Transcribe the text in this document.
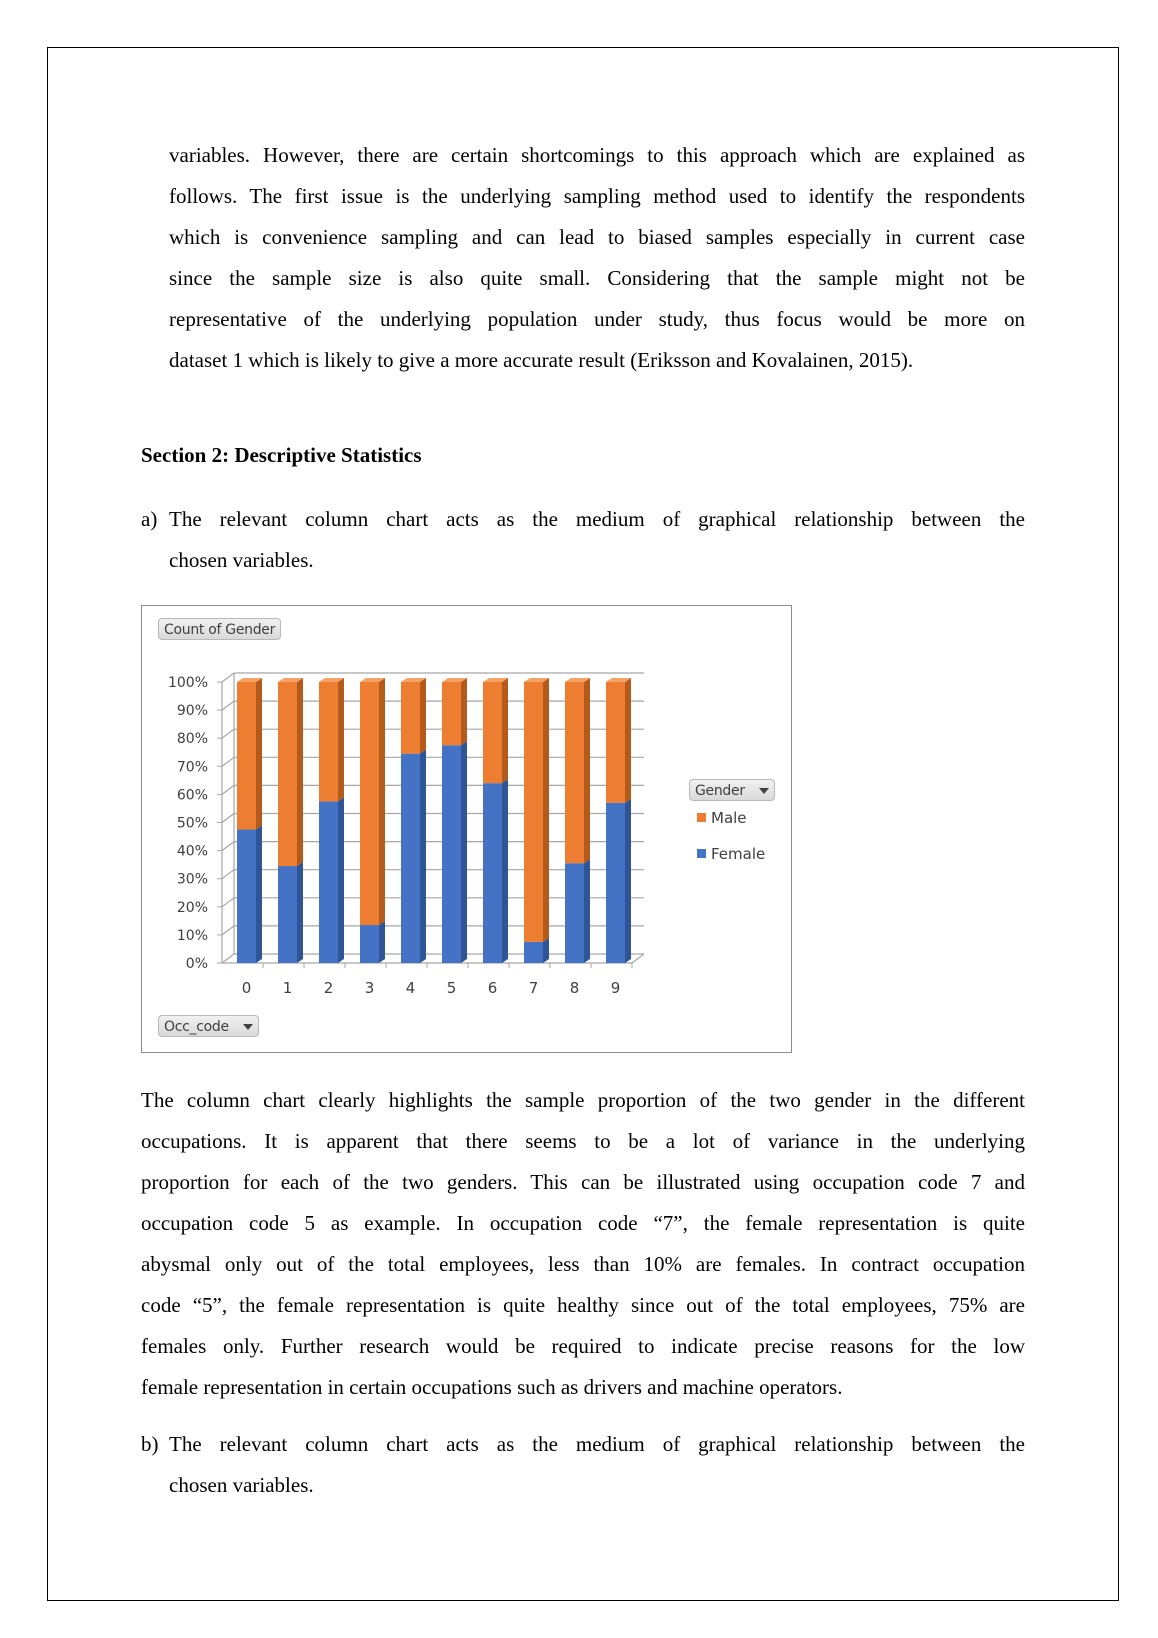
variables. However, there are certain shortcomings to this approach which are explained as
follows. The first issue is the underlying sampling method used to identify the respondents
which is convenience sampling and can lead to biased samples especially in current case
since the sample size is also quite small. Considering that the sample might not be
representative of the underlying population under study, thus focus would be more on
dataset 1 which is likely to give a more accurate result (Eriksson and Kovalainen, 2015).
Section 2: Descriptive Statistics
a) The relevant column chart acts as the medium of graphical relationship between the
chosen variables.
Count of Gender
0%
10%
20%
30%
40%
50%
60%
70%
80%
90%
100%
0 1 2 3 4 5 6 7 8 9
Gender
Male
Female
Occ_code
The column chart clearly highlights the sample proportion of the two gender in the different
occupations. It is apparent that there seems to be a lot of variance in the underlying
proportion for each of the two genders. This can be illustrated using occupation code 7 and
occupation code 5 as example. In occupation code “7”, the female representation is quite
abysmal only out of the total employees, less than 10% are females. In contract occupation
code “5”, the female representation is quite healthy since out of the total employees, 75% are
females only. Further research would be required to indicate precise reasons for the low
female representation in certain occupations such as drivers and machine operators.
b) The relevant column chart acts as the medium of graphical relationship between the
chosen variables.
